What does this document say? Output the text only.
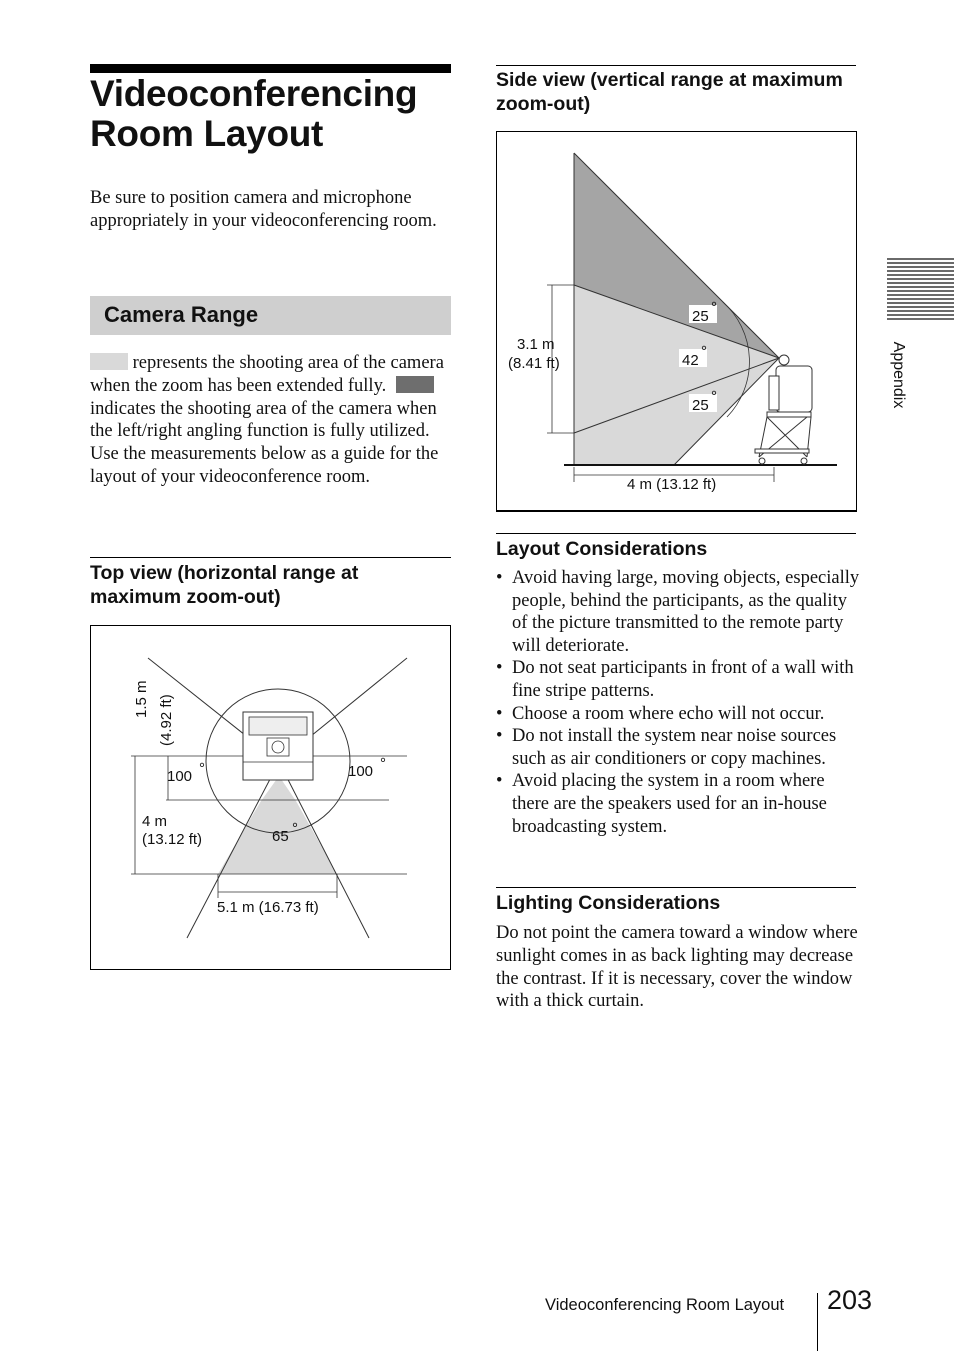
Videoconferencing Room Layout

Be sure to position camera and microphone appropriately in your videoconferencing room.

Camera Range

represents the shooting area of the camera when the zoom has been extended fully.   indicates the shooting area of the camera when the left/right angling function is fully utilized. Use the measurements below as a guide for the layout of your videoconference room.

Top view (horizontal range at maximum zoom-out)
1.5 m (4.92 ft)
100 °	100 °
4 m
(13.12 ft)	65 °
5.1 m (16.73 ft)
Side view (vertical range at maximum zoom-out)
3.1 m
(8.41 ft)
25
°
42
°
25
°
4 m (13.12 ft)
Layout Considerations
• Avoid having large, moving objects, especially people, behind the participants, as the quality of the picture transmitted to the remote party will deteriorate.
• Do not seat participants in front of a wall with fine stripe patterns.
• Choose a room where echo will not occur.
• Do not install the system near noise sources such as air conditioners or copy machines.
• Avoid placing the system in a room where there are the speakers used for an in-house broadcasting system.
Lighting Considerations

Do not point the camera toward a window where sunlight comes in as back lighting may decrease the contrast. If it is necessary, cover the window with a thick curtain.

Appendix
Videoconferencing Room Layout 203
